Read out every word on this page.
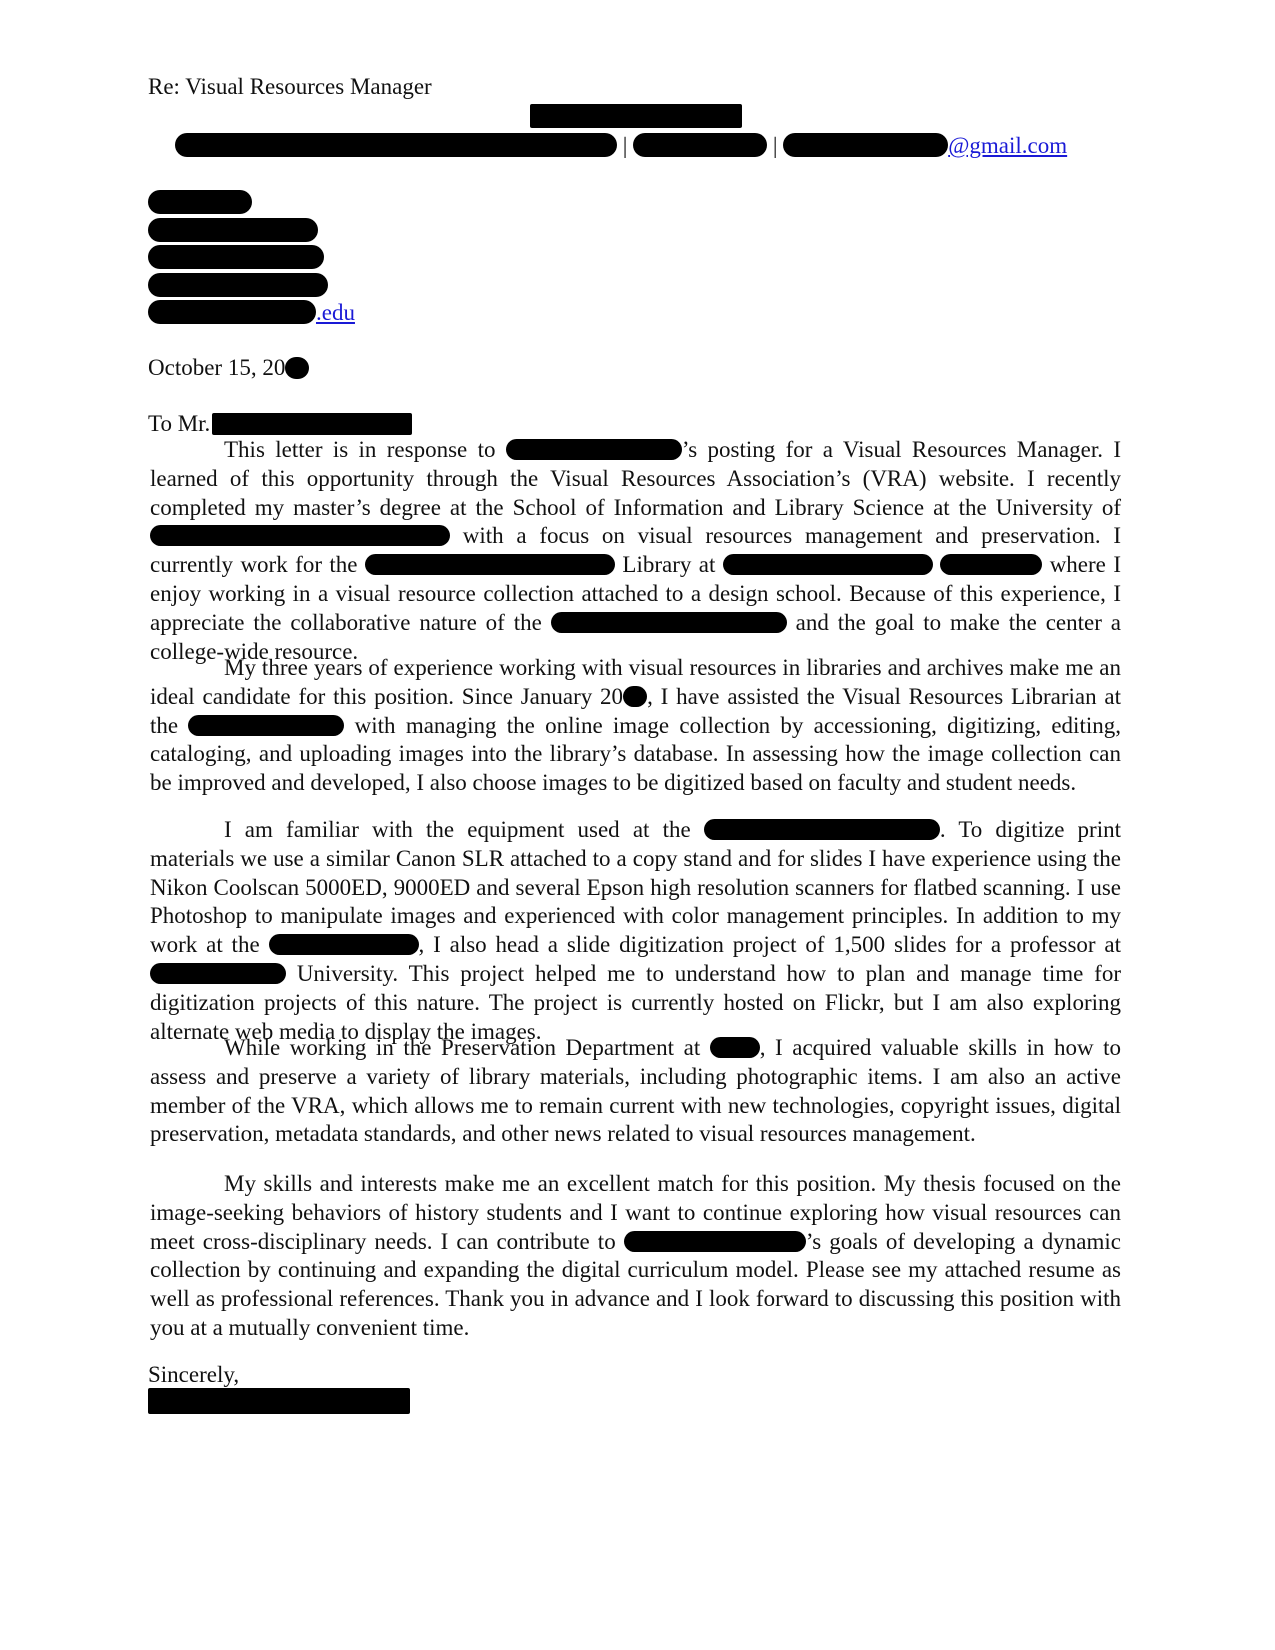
Re: Visual Resources Manager
|	|	@gmail.com
.edu
October 15, 20
To Mr.
This letter is in response to	’s posting for a Visual Resources Manager. I learned of this opportunity through the Visual Resources Association’s (VRA) website. I recently completed my master’s degree at the School of Information and Library Science at the University of  with a focus on visual resources management and preservation. I currently work for the	Library at	where I enjoy working in a visual resource collection attached to a design school. Because of this experience, I appreciate the collaborative nature of the	and the goal to make the center a college-wide resource.
My three years of experience working with visual resources in libraries and archives make me an ideal candidate for this position. Since January 20 , I have assisted the Visual Resources Librarian at the	with managing the online image collection by accessioning, digitizing, editing, cataloging, and uploading images into the library’s database. In assessing how the image collection can be improved and developed, I also choose images to be digitized based on faculty and student needs.
I am familiar with the equipment used at the	. To digitize print materials we use a similar Canon SLR attached to a copy stand and for slides I have experience using the Nikon Coolscan 5000ED, 9000ED and several Epson high resolution scanners for flatbed scanning. I use Photoshop to manipulate images and experienced with color management principles. In addition to my work at the	, I also head a slide digitization project of 1,500 slides for a professor at  University. This project helped me to understand how to plan and manage time for digitization projects of this nature. The project is currently hosted on Flickr, but I am also exploring alternate web media to display the images.
While working in the Preservation Department at , I acquired valuable skills in how to assess and preserve a variety of library materials, including photographic items. I am also an active member of the VRA, which allows me to remain current with new technologies, copyright issues, digital preservation, metadata standards, and other news related to visual resources management.
My skills and interests make me an excellent match for this position. My thesis focused on the image-seeking behaviors of history students and I want to continue exploring how visual resources can meet cross-disciplinary needs. I can contribute to	’s goals of developing a dynamic collection by continuing and expanding the digital curriculum model. Please see my attached resume as well as professional references. Thank you in advance and I look forward to discussing this position with you at a mutually convenient time.
Sincerely,
